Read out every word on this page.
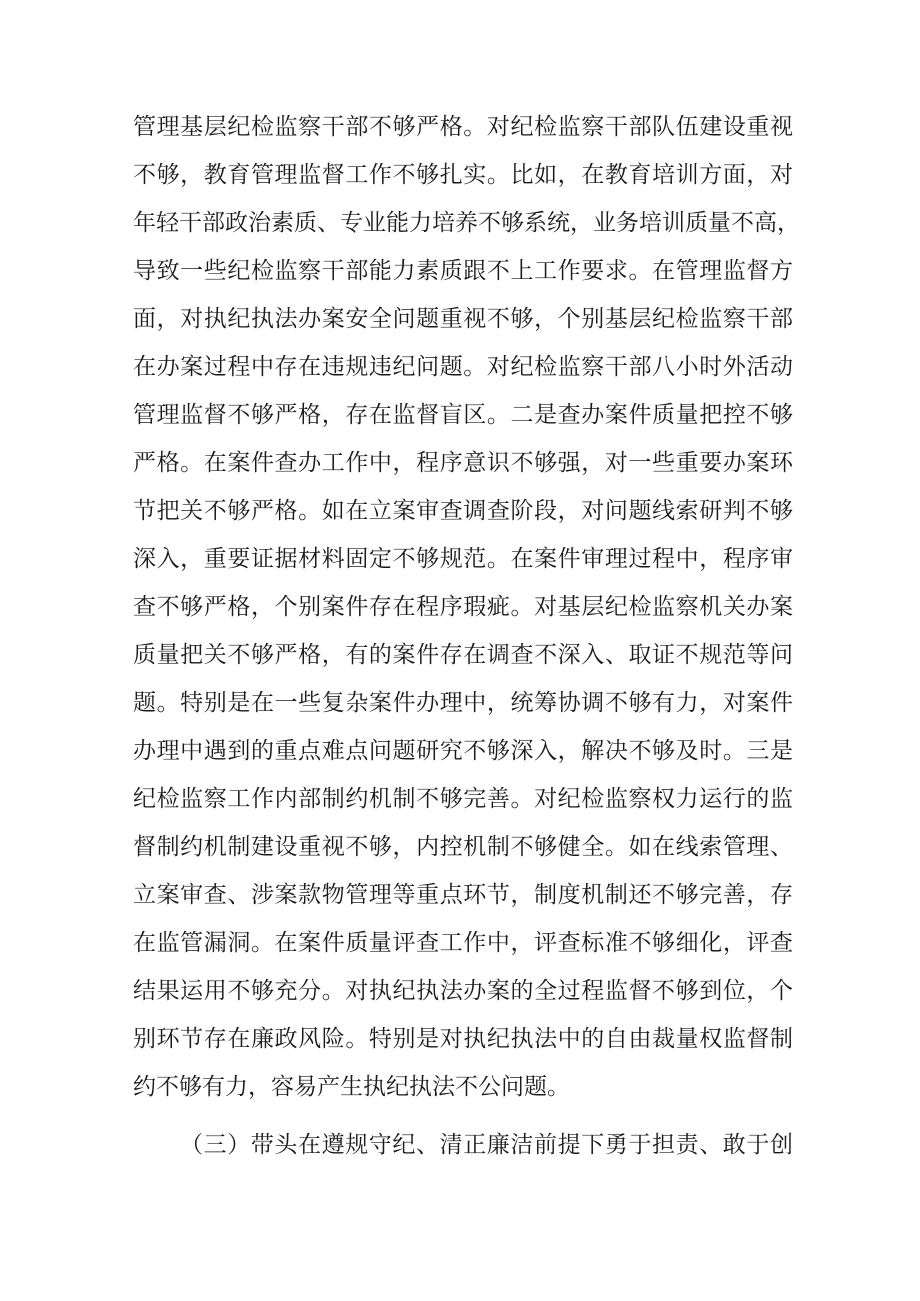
管理基层纪检监察干部不够严格。对纪检监察干部队伍建设重视
不够，教育管理监督工作不够扎实。比如，在教育培训方面，对
年轻干部政治素质、专业能力培养不够系统，业务培训质量不高，
导致一些纪检监察干部能力素质跟不上工作要求。在管理监督方
面，对执纪执法办案安全问题重视不够，个别基层纪检监察干部
在办案过程中存在违规违纪问题。对纪检监察干部八小时外活动
管理监督不够严格，存在监督盲区。二是查办案件质量把控不够
严格。在案件查办工作中，程序意识不够强，对一些重要办案环
节把关不够严格。如在立案审查调查阶段，对问题线索研判不够
深入，重要证据材料固定不够规范。在案件审理过程中，程序审
查不够严格，个别案件存在程序瑕疵。对基层纪检监察机关办案
质量把关不够严格，有的案件存在调查不深入、取证不规范等问
题。特别是在一些复杂案件办理中，统筹协调不够有力，对案件
办理中遇到的重点难点问题研究不够深入，解决不够及时。三是
纪检监察工作内部制约机制不够完善。对纪检监察权力运行的监
督制约机制建设重视不够，内控机制不够健全。如在线索管理、
立案审查、涉案款物管理等重点环节，制度机制还不够完善，存
在监管漏洞。在案件质量评查工作中，评查标准不够细化，评查
结果运用不够充分。对执纪执法办案的全过程监督不够到位，个
别环节存在廉政风险。特别是对执纪执法中的自由裁量权监督制
约不够有力，容易产生执纪执法不公问题。
（三）带头在遵规守纪、清正廉洁前提下勇于担责、敢于创
